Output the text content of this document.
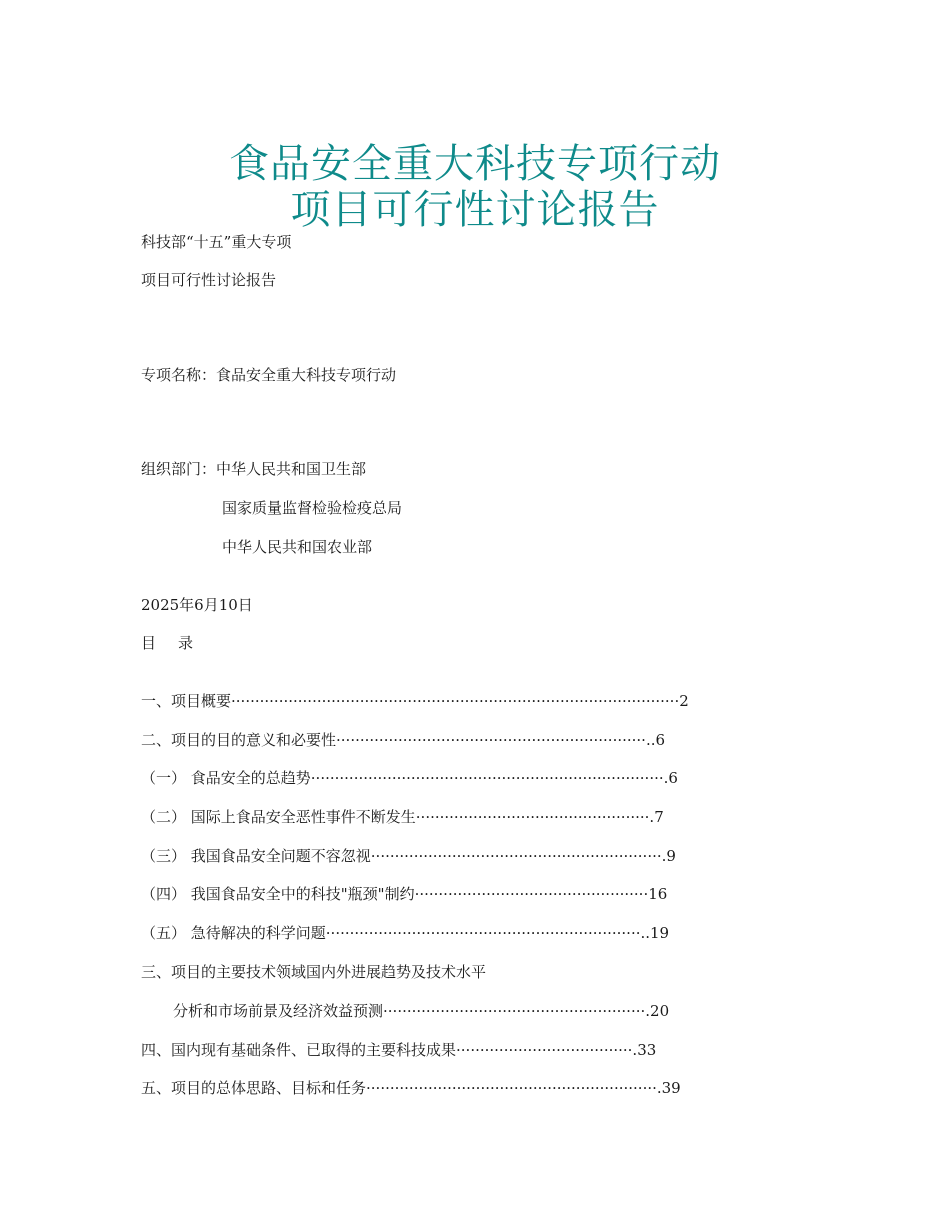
食品安全重大科技专项行动
项目可行性讨论报告
科技部“十五”重大专项
项目可行性讨论报告
专项名称：食品安全重大科技专项行动
组织部门：中华人民共和国卫生部
国家质量监督检验检疫总局
中华人民共和国农业部
2025年6月10日
目 录
一、项目概要······························································································2
二、项目的目的意义和必要性·································································..6
（一） 食品安全的总趋势··········································································.6
（二） 国际上食品安全恶性事件不断发生·················································.7
（三） 我国食品安全问题不容忽视·····························································.9
（四） 我国食品安全中的科技"瓶颈"制约·················································16
（五） 急待解决的科学问题··································································..19
三、项目的主要技术领域国内外进展趋势及技术水平
分析和市场前景及经济效益预测·······················································.20
四、国内现有基础条件、已取得的主要科技成果·····································.33
五、项目的总体思路、目标和任务·····························································.39
